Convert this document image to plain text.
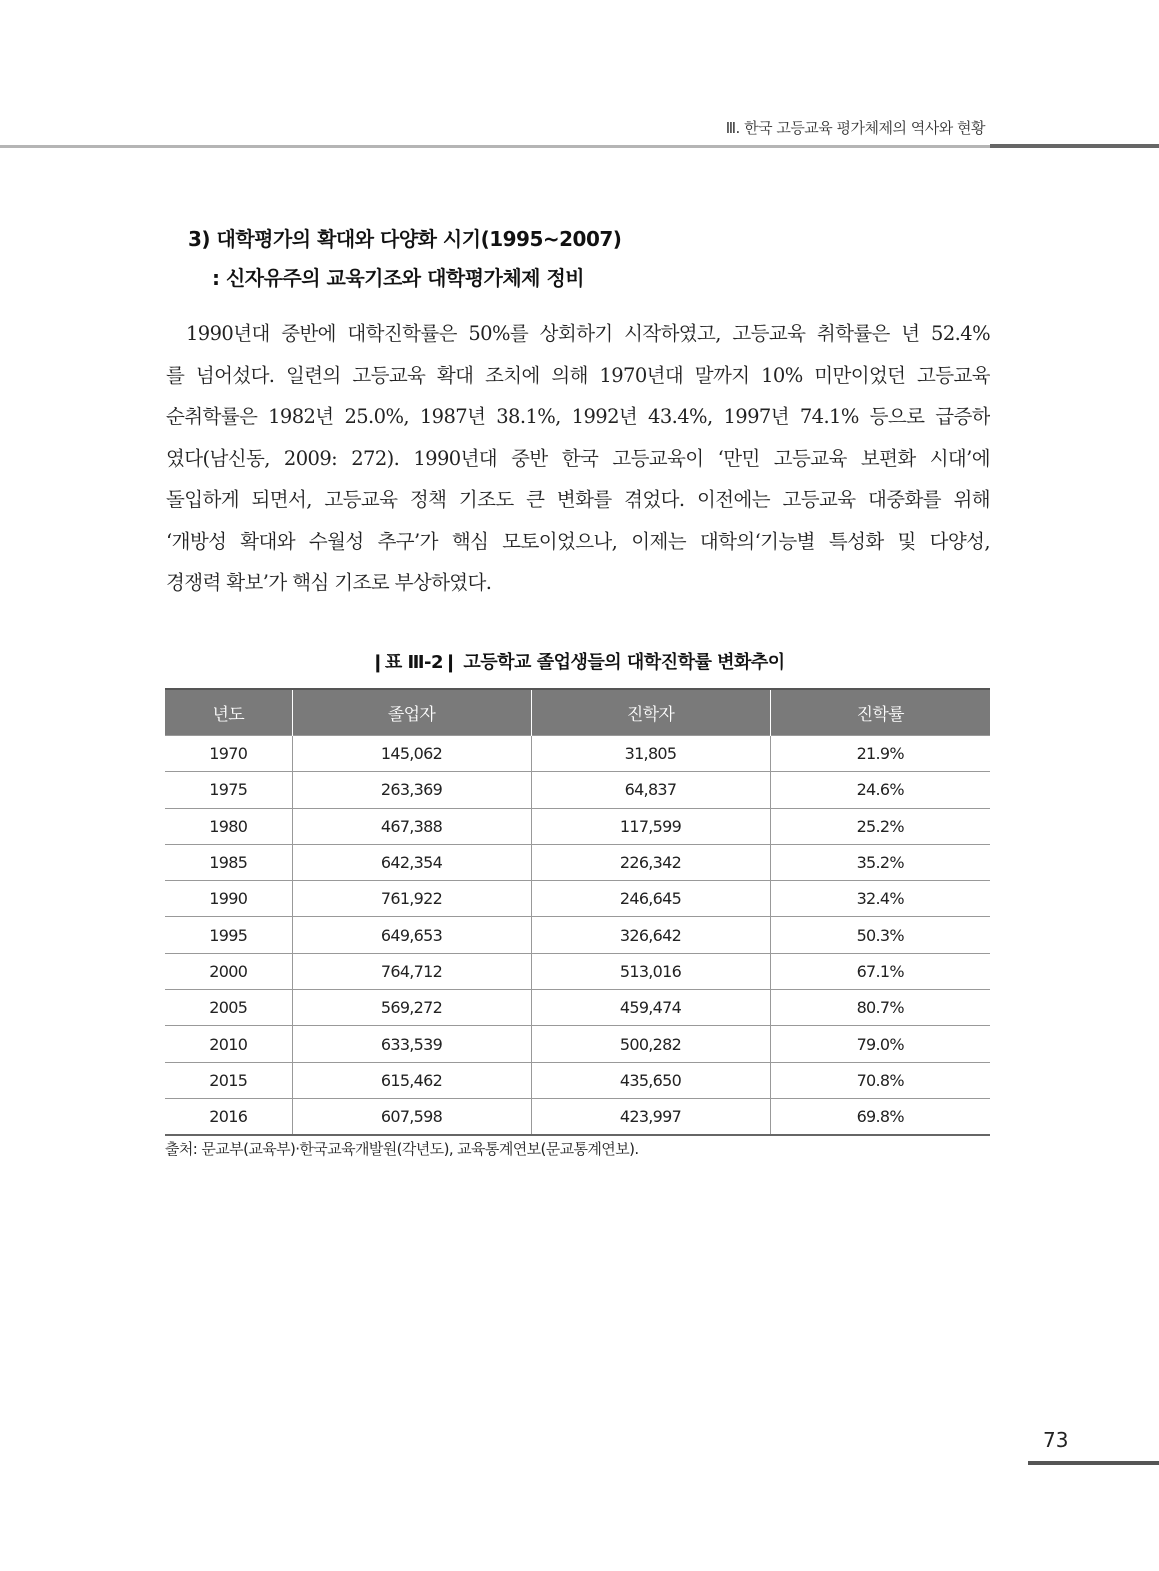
Ⅲ. 한국 고등교육 평가체제의 역사와 현황
3) 대학평가의 확대와 다양화 시기(1995~2007)
: 신자유주의 교육기조와 대학평가체제 정비
1990년대 중반에 대학진학률은 50%를 상회하기 시작하였고, 고등교육 취학률은 년 52.4%
를 넘어섰다. 일련의 고등교육 확대 조치에 의해 1970년대 말까지 10% 미만이었던 고등교육
순취학률은 1982년 25.0%, 1987년 38.1%, 1992년 43.4%, 1997년 74.1% 등으로 급증하
였다(남신동, 2009: 272). 1990년대 중반 한국 고등교육이 ‘만민 고등교육 보편화 시대’에
돌입하게 되면서, 고등교육 정책 기조도 큰 변화를 겪었다. 이전에는 고등교육 대중화를 위해
‘개방성 확대와 수월성 추구’가 핵심 모토이었으나, 이제는 대학의‘기능별 특성화 및 다양성,
경쟁력 확보’가 핵심 기조로 부상하였다.
❙표 Ⅲ-2❙ 고등학교 졸업생들의 대학진학률 변화추이
년도	졸업자	진학자	진학률
1970	145,062	31,805	21.9%
1975	263,369	64,837	24.6%
1980	467,388	117,599	25.2%
1985	642,354	226,342	35.2%
1990	761,922	246,645	32.4%
1995	649,653	326,642	50.3%
2000	764,712	513,016	67.1%
2005	569,272	459,474	80.7%
2010	633,539	500,282	79.0%
2015	615,462	435,650	70.8%
2016	607,598	423,997	69.8%
출처: 문교부(교육부)·한국교육개발원(각년도), 교육통계연보(문교통계연보).
73
